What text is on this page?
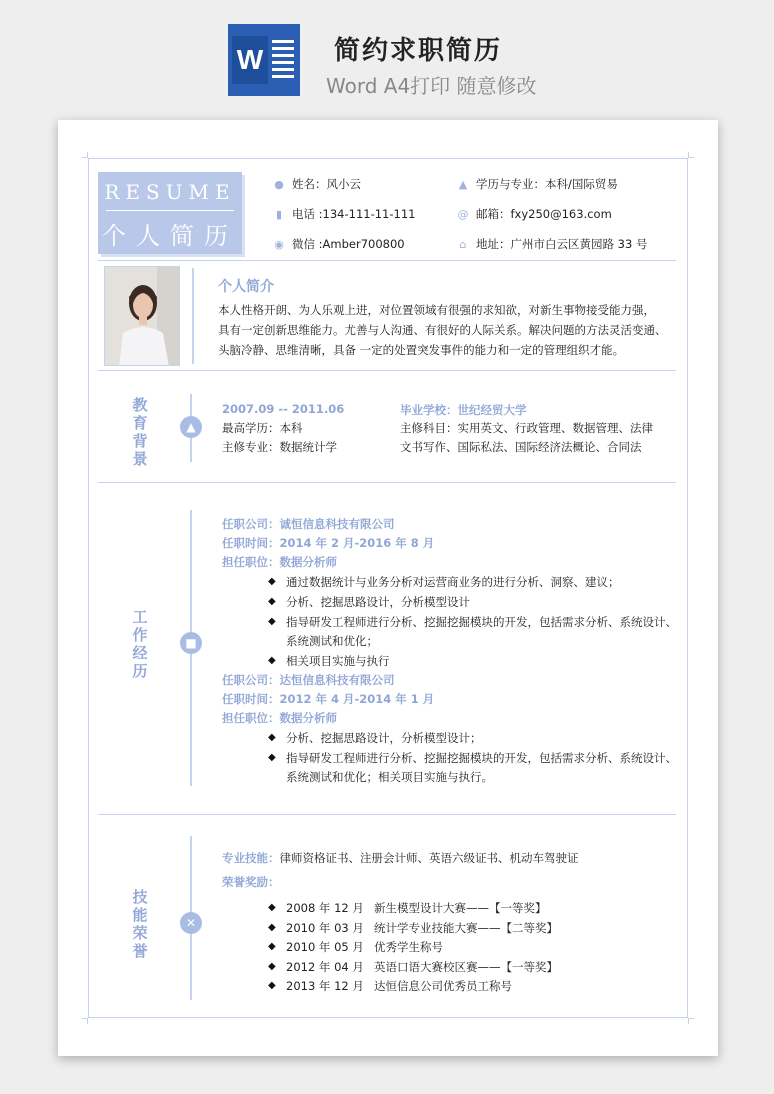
W	简约求职简历
Word A4打印 随意修改
RESUME
个人简历
● 姓名：风小云
▮ 电话 :134-111-11-111
◉ 微信 :Amber700800
▲ 学历与专业：本科/国际贸易
@ 邮箱：fxy250@163.com
⌂ 地址：广州市白云区黄园路 33 号
个人简介
本人性格开朗、为人乐观上进，对位置领域有很强的求知欲，对新生事物接受能力强，
具有一定创新思维能力。尤善与人沟通、有很好的人际关系。解决问题的方法灵活变通、
头脑冷静、思维清晰，具备 一定的处置突发事件的能力和一定的管理组织才能。
教
育
背
景
▲
2007.09 -- 2011.06	毕业学校：世纪经贸大学
最高学历：本科
主修专业：数据统计学
主修科目：实用英文、行政管理、数据管理、法律
文书写作、国际私法、国际经济法概论、合同法
工
作
经
历
■
任职公司：诚恒信息科技有限公司
任职时间：2014 年 2 月-2016 年 8 月
担任职位：数据分析师
◆ 通过数据统计与业务分析对运营商业务的进行分析、洞察、建议；
◆ 分析、挖掘思路设计，分析模型设计
◆ 指导研发工程师进行分析、挖掘挖掘模块的开发，包括需求分析、系统设计、
系统测试和优化；
◆ 相关项目实施与执行
任职公司：达恒信息科技有限公司
任职时间：2012 年 4 月-2014 年 1 月
担任职位：数据分析师
◆ 分析、挖掘思路设计，分析模型设计；
◆ 指导研发工程师进行分析、挖掘挖掘模块的开发，包括需求分析、系统设计、
系统测试和优化；相关项目实施与执行。
技
能
荣
誉
✕
专业技能：律师资格证书、注册会计师、英语六级证书、机动车驾驶证
荣誉奖励：
◆ 2008 年 12 月 新生模型设计大赛——【一等奖】
◆ 2010 年 03 月 统计学专业技能大赛——【二等奖】
◆ 2010 年 05 月 优秀学生称号
◆ 2012 年 04 月 英语口语大赛校区赛——【一等奖】
◆ 2013 年 12 月 达恒信息公司优秀员工称号
